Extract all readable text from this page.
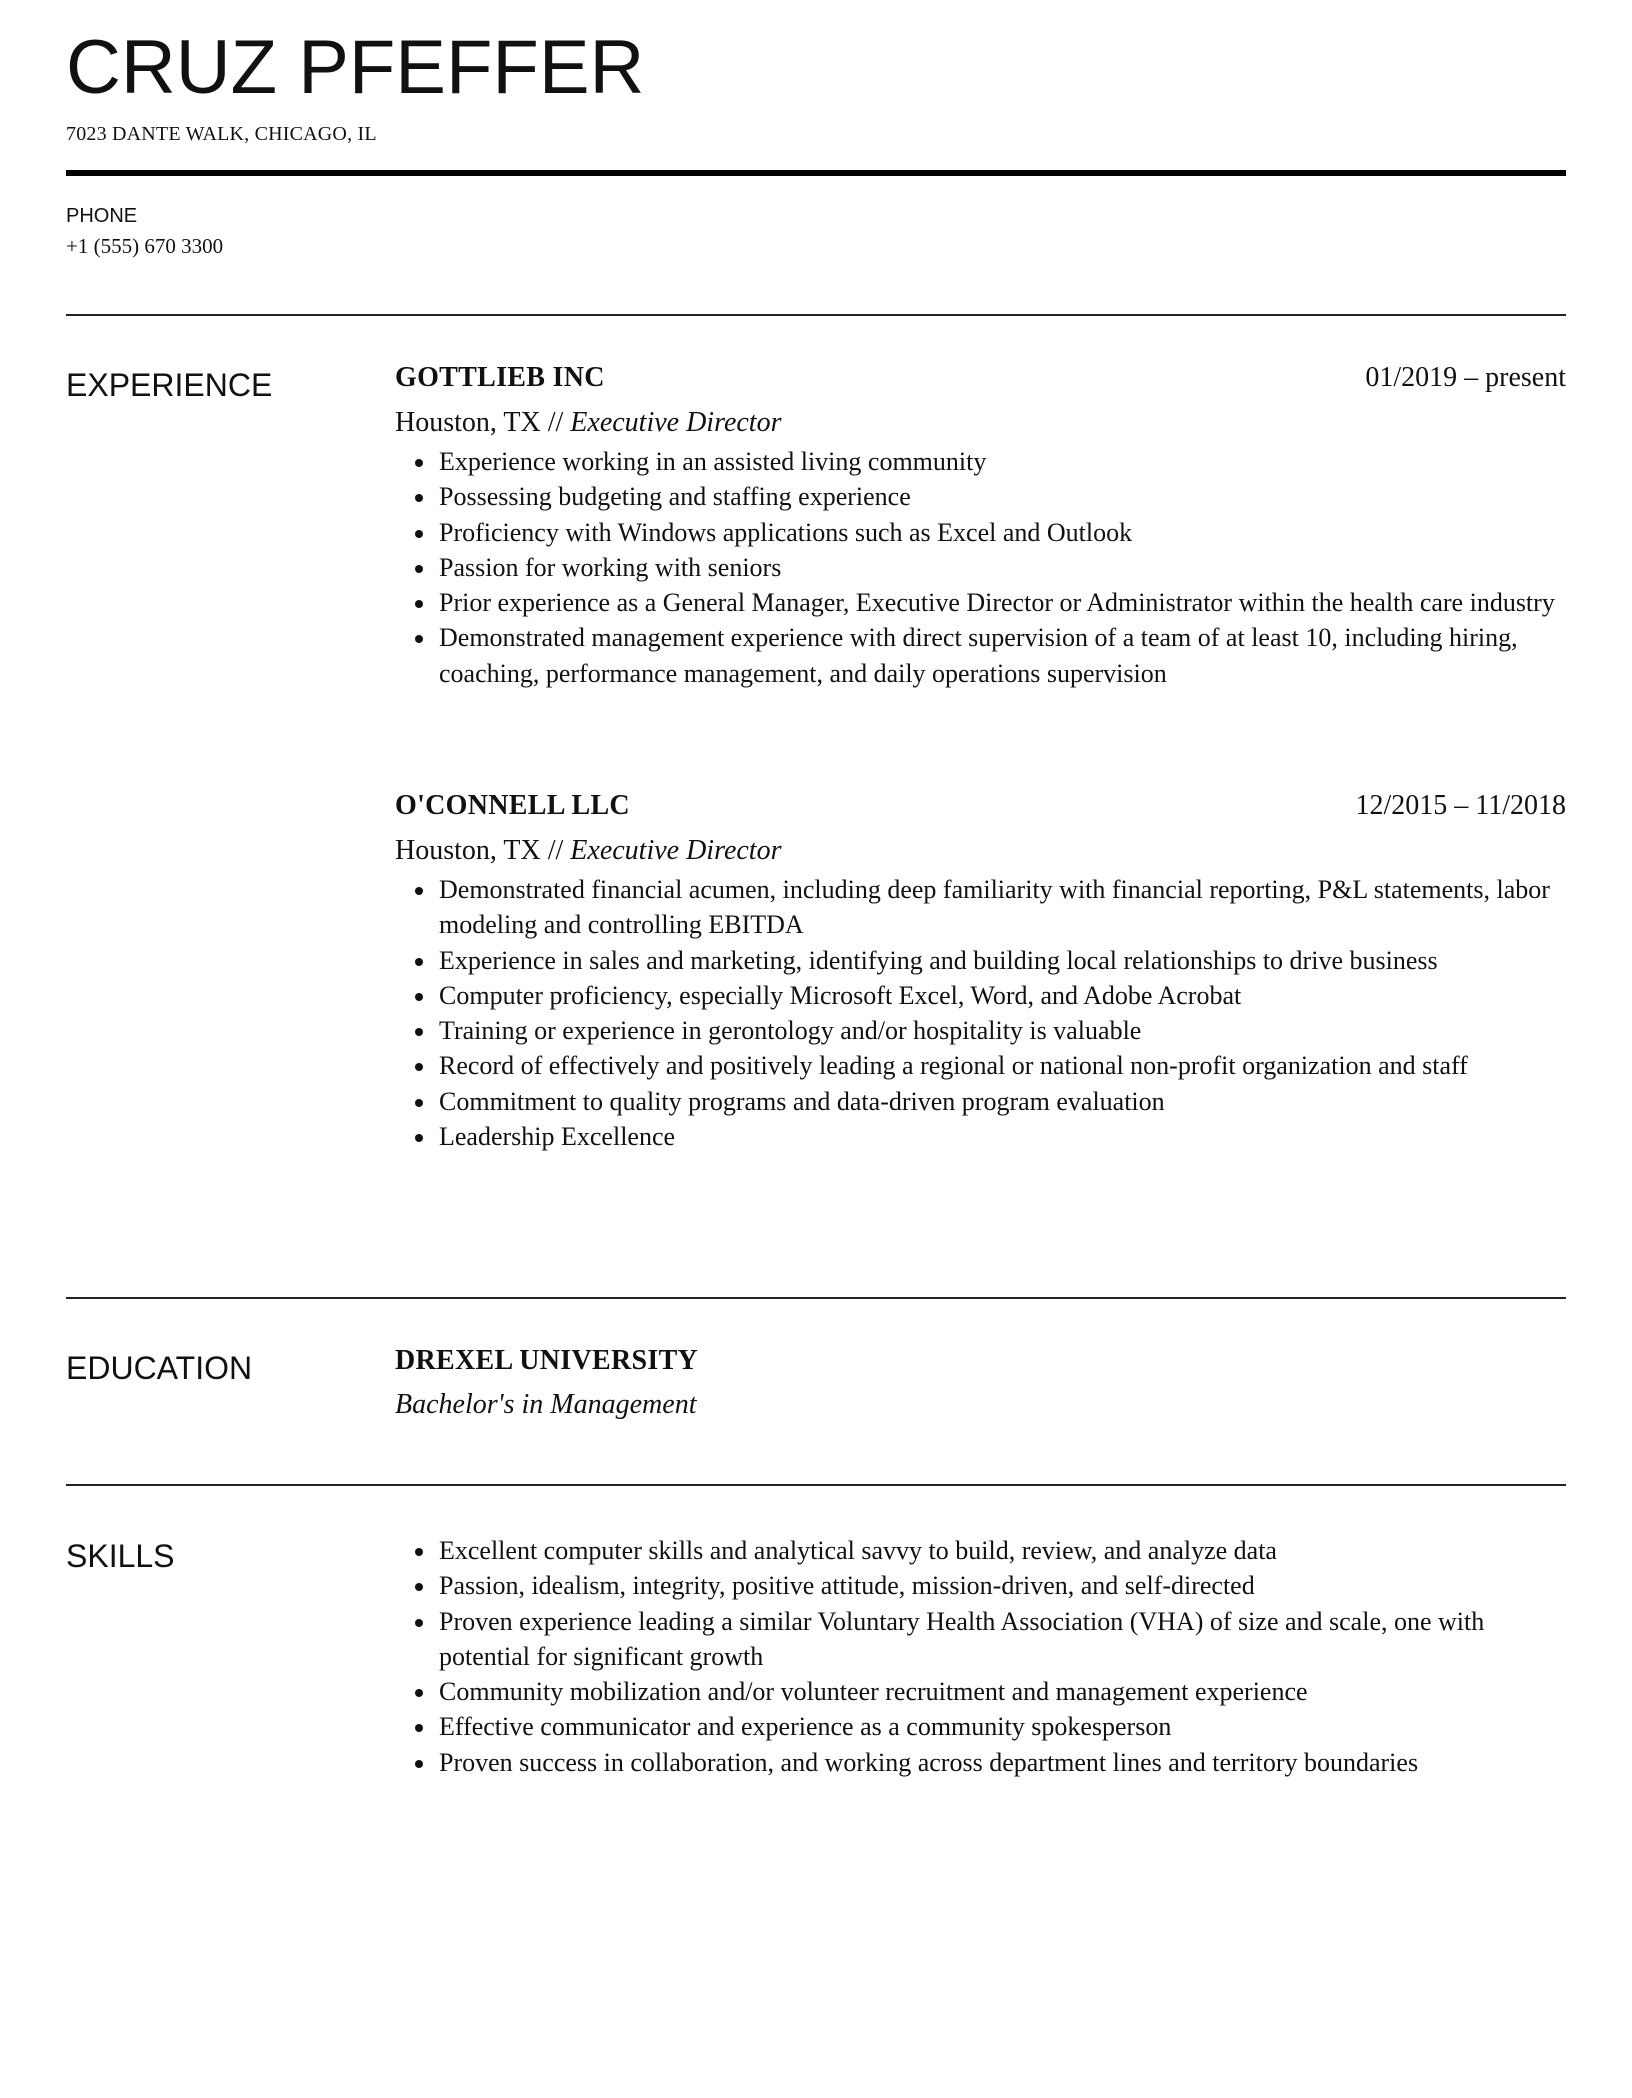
CRUZ PFEFFER
7023 DANTE WALK, CHICAGO, IL
PHONE
+1 (555) 670 3300
EXPERIENCE	GOTTLIEB INC	01/2019 – present
Houston, TX // Executive Director
• Experience working in an assisted living community
• Possessing budgeting and staffing experience
• Proficiency with Windows applications such as Excel and Outlook
• Passion for working with seniors
• Prior experience as a General Manager, Executive Director or Administrator within the health care industry
• Demonstrated management experience with direct supervision of a team of at least 10, including hiring, coaching, performance management, and daily operations supervision
O'CONNELL LLC	12/2015 – 11/2018
Houston, TX // Executive Director
• Demonstrated financial acumen, including deep familiarity with financial reporting, P&L statements, labor modeling and controlling EBITDA
• Experience in sales and marketing, identifying and building local relationships to drive business
• Computer proficiency, especially Microsoft Excel, Word, and Adobe Acrobat
• Training or experience in gerontology and/or hospitality is valuable
• Record of effectively and positively leading a regional or national non-profit organization and staff
• Commitment to quality programs and data-driven program evaluation
• Leadership Excellence
EDUCATION	DREXEL UNIVERSITY
Bachelor's in Management
SKILLS
•	Excellent computer skills and analytical savvy to build, review, and analyze data
• Passion, idealism, integrity, positive attitude, mission-driven, and self-directed
• Proven experience leading a similar Voluntary Health Association (VHA) of size and scale, one with potential for significant growth
• Community mobilization and/or volunteer recruitment and management experience
• Effective communicator and experience as a community spokesperson
• Proven success in collaboration, and working across department lines and territory boundaries
